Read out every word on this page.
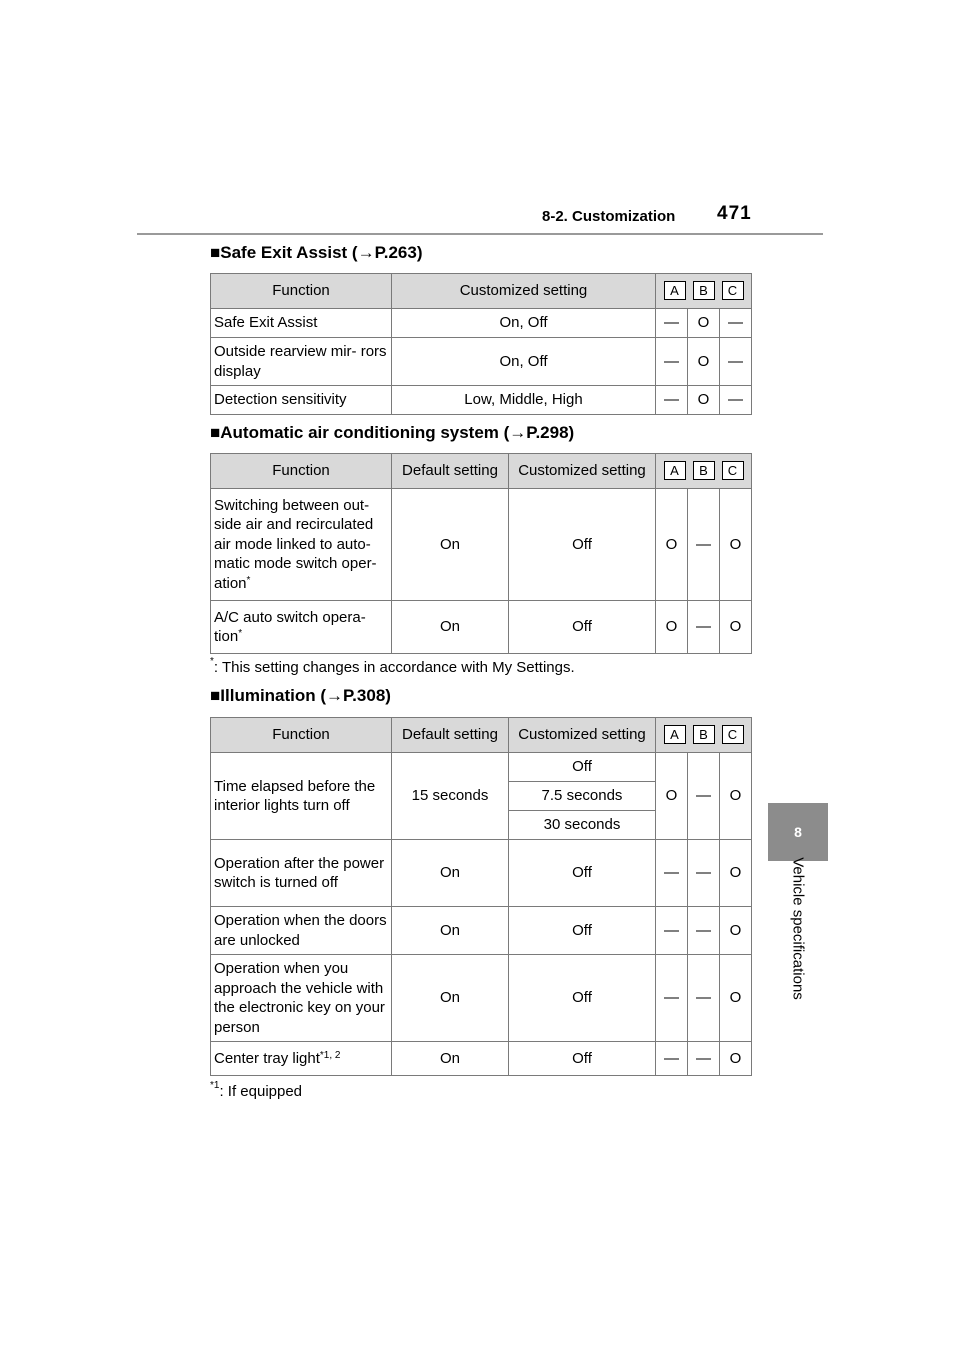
8-2. Customization 471
8
Vehicle specifications
■Safe Exit Assist (→P.263)
Function	Customized setting	A B C		

Safe Exit Assist	On, Off	—	O	—
Outside rearview mir- rors display	On, Off	—	O	—
Detection sensitivity	Low, Middle, High	—	O	—
■Automatic air conditioning system (→P.298)
Function	Default setting	Customized setting	A B C		

Switching between out- side air and recirculated air mode linked to auto- matic mode switch oper- ation*	On	Off	O	—	O
A/C auto switch opera- tion*	On	Off	O	—	O
*: This setting changes in accordance with My Settings.
■Illumination (→P.308)
Function	Default setting	Customized setting	A B C		

Time elapsed before the interior lights turn off	15 seconds	Off	O	—	O
		7.5 seconds			
		30 seconds			
Operation after the power switch is turned off	On	Off	—	—	O
Operation when the doors are unlocked	On	Off	—	—	O
Operation when you approach the vehicle with the electronic key on your person	On	Off	—	—	O
Center tray light$^{*1, 2}$	On	Off	—	—	O
$^{*1}$: If equipped
